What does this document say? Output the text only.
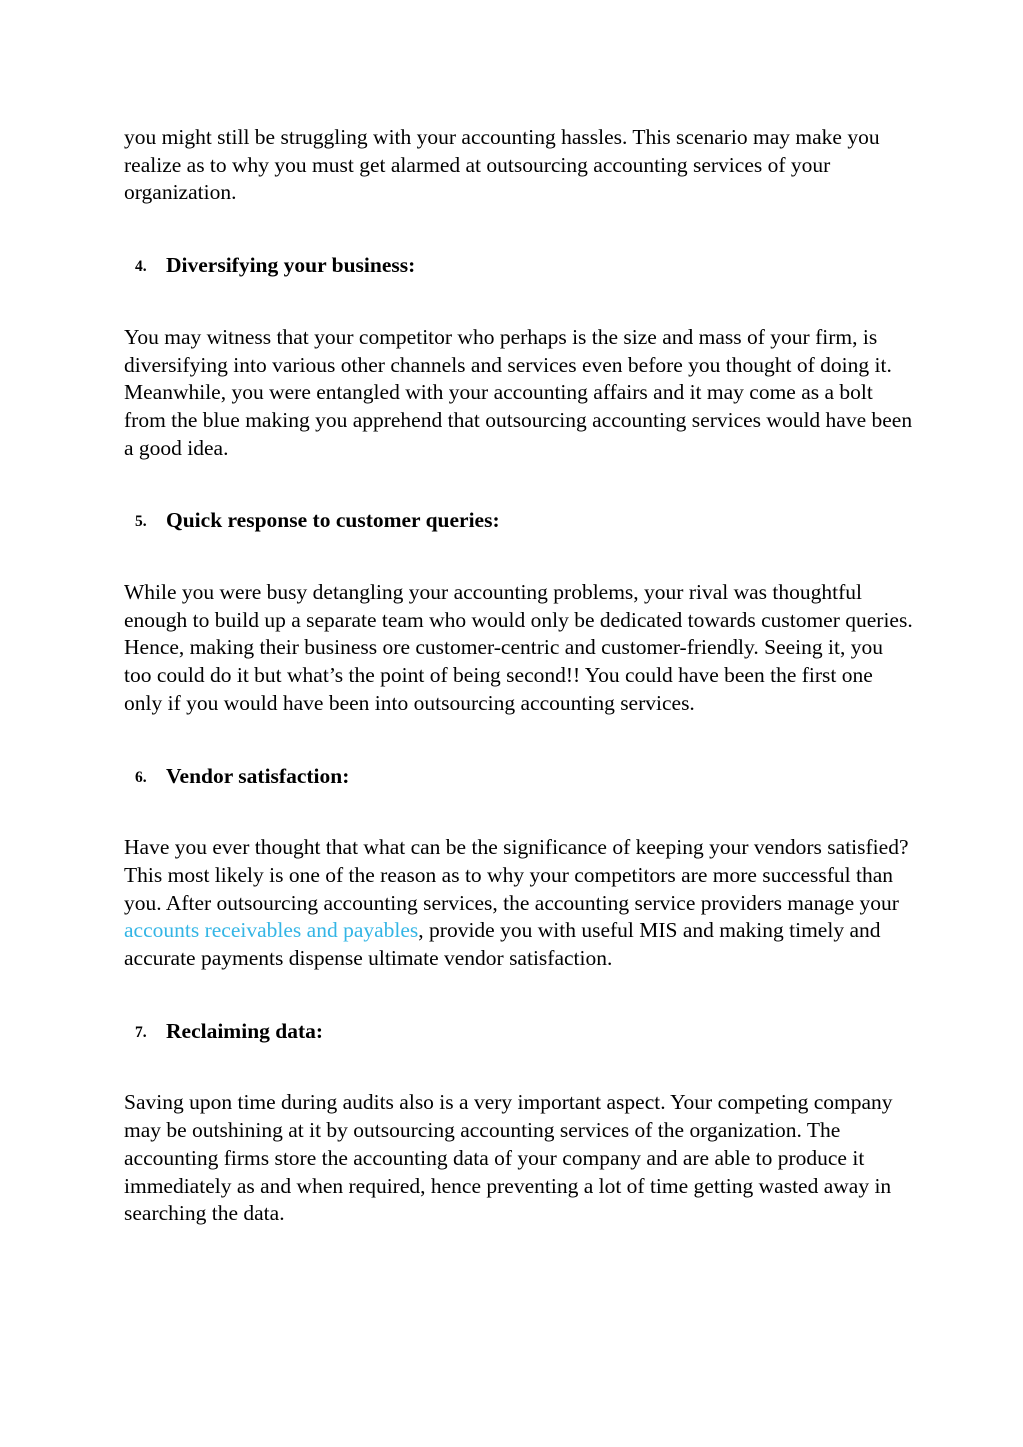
you might still be struggling with your accounting hassles. This scenario may make you realize as to why you must get alarmed at outsourcing accounting services of your organization.

4. Diversifying your business:

You may witness that your competitor who perhaps is the size and mass of your firm, is diversifying into various other channels and services even before you thought of doing it. Meanwhile, you were entangled with your accounting affairs and it may come as a bolt from the blue making you apprehend that outsourcing accounting services would have been a good idea.

5. Quick response to customer queries:

While you were busy detangling your accounting problems, your rival was thoughtful enough to build up a separate team who would only be dedicated towards customer queries. Hence, making their business ore customer-centric and customer-friendly. Seeing it, you too could do it but what’s the point of being second!! You could have been the first one only if you would have been into outsourcing accounting services.

6. Vendor satisfaction:

Have you ever thought that what can be the significance of keeping your vendors satisfied? This most likely is one of the reason as to why your competitors are more successful than you. After outsourcing accounting services, the accounting service providers manage your accounts receivables and payables, provide you with useful MIS and making timely and accurate payments dispense ultimate vendor satisfaction.

7. Reclaiming data:

Saving upon time during audits also is a very important aspect. Your competing company may be outshining at it by outsourcing accounting services of the organization. The accounting firms store the accounting data of your company and are able to produce it immediately as and when required, hence preventing a lot of time getting wasted away in searching the data.
